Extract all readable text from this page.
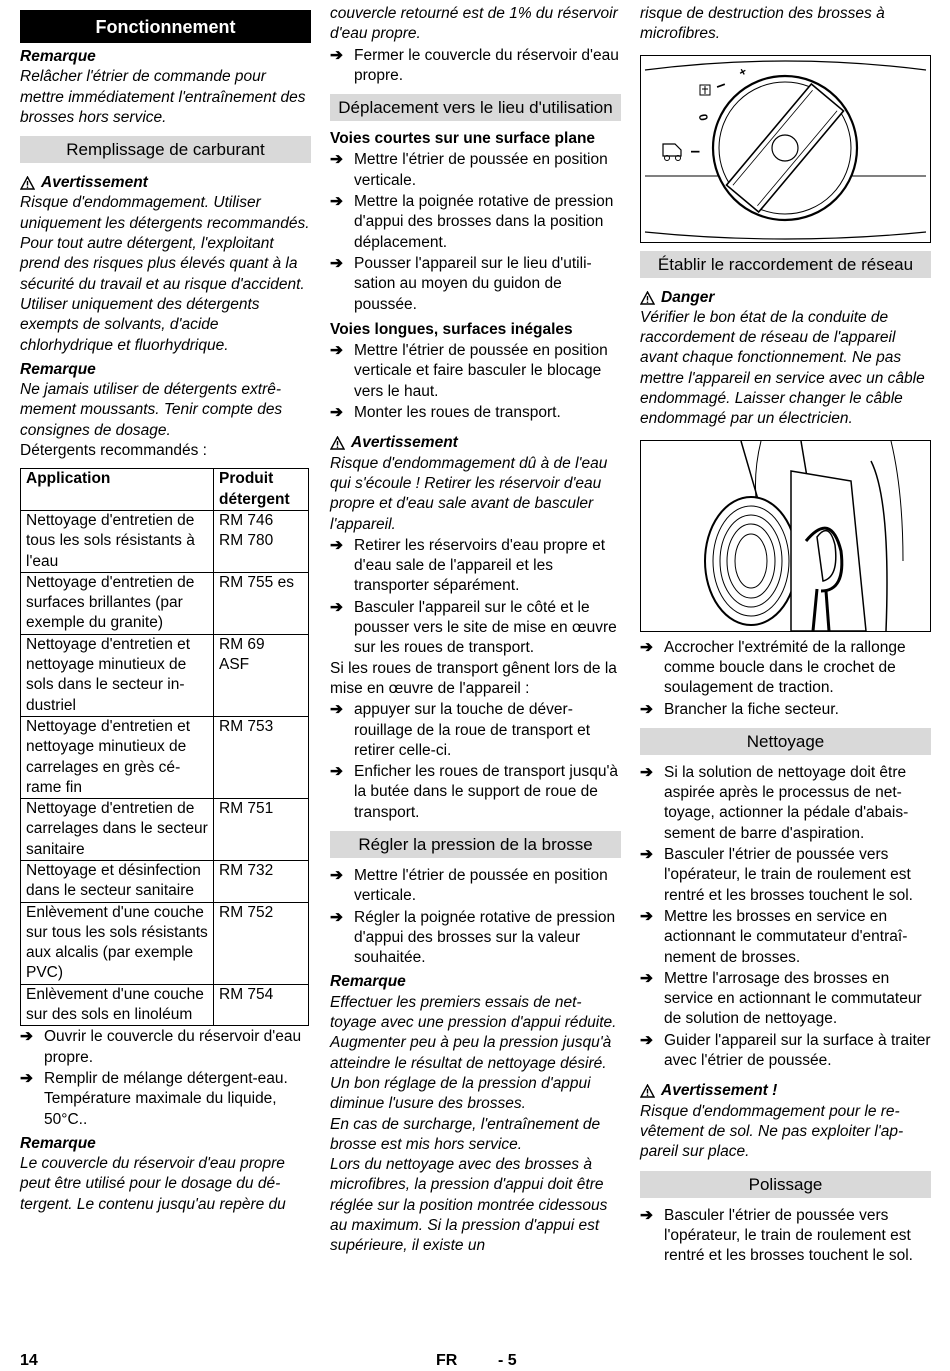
Fonctionnement
Remarque

Relâcher l'étrier de commande pour mettre immédiatement l'entraînement des brosses hors service.

Remplissage de carburant
Avertissement

Risque d'endommagement. Utiliser uniquement les détergents recommandés. Pour tout autre détergent, l'exploitant prend des risques plus élevés quant à la sécurité du travail et au risque d'accident. Utiliser uniquement des détergents exempts de solvants, d'acide chlorhydrique et fluorhydrique.

Remarque

Ne jamais utiliser de détergents extrêmement moussants. Tenir compte des consignes de dosage.

Détergents recommandés :

Application	Produit détergent
Nettoyage d'entretien de tous les sols résistants à l'eau	RM 746
RM 780
Nettoyage d'entretien de surfaces brillantes (par exemple du granite)	RM 755 es
Nettoyage d'entretien et nettoyage minutieux de sols dans le secteur industriel	RM 69
ASF
Nettoyage d'entretien et nettoyage minutieux de carrelages en grès cérame fin	RM 753
Nettoyage d'entretien de carrelages dans le secteur sanitaire	RM 751
Nettoyage et désinfection dans le secteur sanitaire	RM 732
Enlèvement d'une couche sur tous les sols résistants aux alcalis (par exemple PVC)	RM 752
Enlèvement d'une couche sur des sols en linoléum	RM 754
➔ Ouvrir le couvercle du réservoir d'eau propre.
➔ Remplir de mélange détergent-eau. Température maximale du liquide, 50°C..
Remarque

Le couvercle du réservoir d'eau propre peut être utilisé pour le dosage du détergent. Le contenu jusqu'au repère du

couvercle retourné est de 1% du réservoir d'eau propre.

➔ Fermer le couvercle du réservoir d'eau propre.
Déplacement vers le lieu d'utilisation
Voies courtes sur une surface plane
➔ Mettre l'étrier de poussée en position verticale.
➔ Mettre la poignée rotative de pression d'appui des brosses dans la position déplacement.
➔ Pousser l'appareil sur le lieu d'utilisation au moyen du guidon de poussée.
Voies longues, surfaces inégales
➔ Mettre l'étrier de poussée en position verticale et faire basculer le blocage vers le haut.
➔ Monter les roues de transport.
Avertissement

Risque d'endommagement dû à de l'eau qui s'écoule ! Retirer les réservoir d'eau propre et d'eau sale avant de basculer l'appareil.

➔ Retirer les réservoirs d'eau propre et d'eau sale de l'appareil et les transporter séparément.
➔ Basculer l'appareil sur le côté et le pousser vers le site de mise en œuvre sur les roues de transport.

Si les roues de transport gênent lors de la mise en œuvre de l'appareil :

➔ appuyer sur la touche de déverrouillage de la roue de transport et retirer celle-ci.
➔ Enficher les roues de transport jusqu'à la butée dans le support de roue de transport.
Régler la pression de la brosse
➔ Mettre l'étrier de poussée en position verticale.
➔ Régler la poignée rotative de pression d'appui des brosses sur la valeur souhaitée.
Remarque

Effectuer les premiers essais de nettoyage avec une pression d'appui réduite. Augmenter peu à peu la pression jusqu'à atteindre le résultat de nettoyage désiré. Un bon réglage de la pression d'appui diminue l'usure des brosses.

En cas de surcharge, l'entraînement de brosse est mis hors service.

Lors du nettoyage avec des brosses à microfibres, la pression d'appui doit être réglée sur la position montrée cidessous au maximum. Si la pression d'appui est supérieure, il existe un

risque de destruction des brosses à microfibres.

+
I
0
I
Établir le raccordement de réseau
Danger

Vérifier le bon état de la conduite de raccordement de réseau de l'appareil avant chaque fonctionnement. Ne pas mettre l'appareil en service avec un câble endommagé. Laisser changer le câble endommagé par un électricien.

➔ Accrocher l'extrémité de la rallonge comme boucle dans le crochet de soulagement de traction.
➔ Brancher la fiche secteur.
Nettoyage
➔ Si la solution de nettoyage doit être aspirée après le processus de nettoyage, actionner la pédale d'abaissement de barre d'aspiration.
➔ Basculer l'étrier de poussée vers l'opérateur, le train de roulement est rentré et les brosses touchent le sol.
➔ Mettre les brosses en service en actionnant le commutateur d'entraînement de brosses.
➔ Mettre l'arrosage des brosses en service en actionnant le commutateur de solution de nettoyage.
➔ Guider l'appareil sur la surface à traiter avec l'étrier de poussée.
Avertissement !

Risque d'endommagement pour le revêtement de sol. Ne pas exploiter l'appareil sur place.

Polissage
➔ Basculer l'étrier de poussée vers l'opérateur, le train de roulement est rentré et les brosses touchent le sol.
14	FR	- 5
